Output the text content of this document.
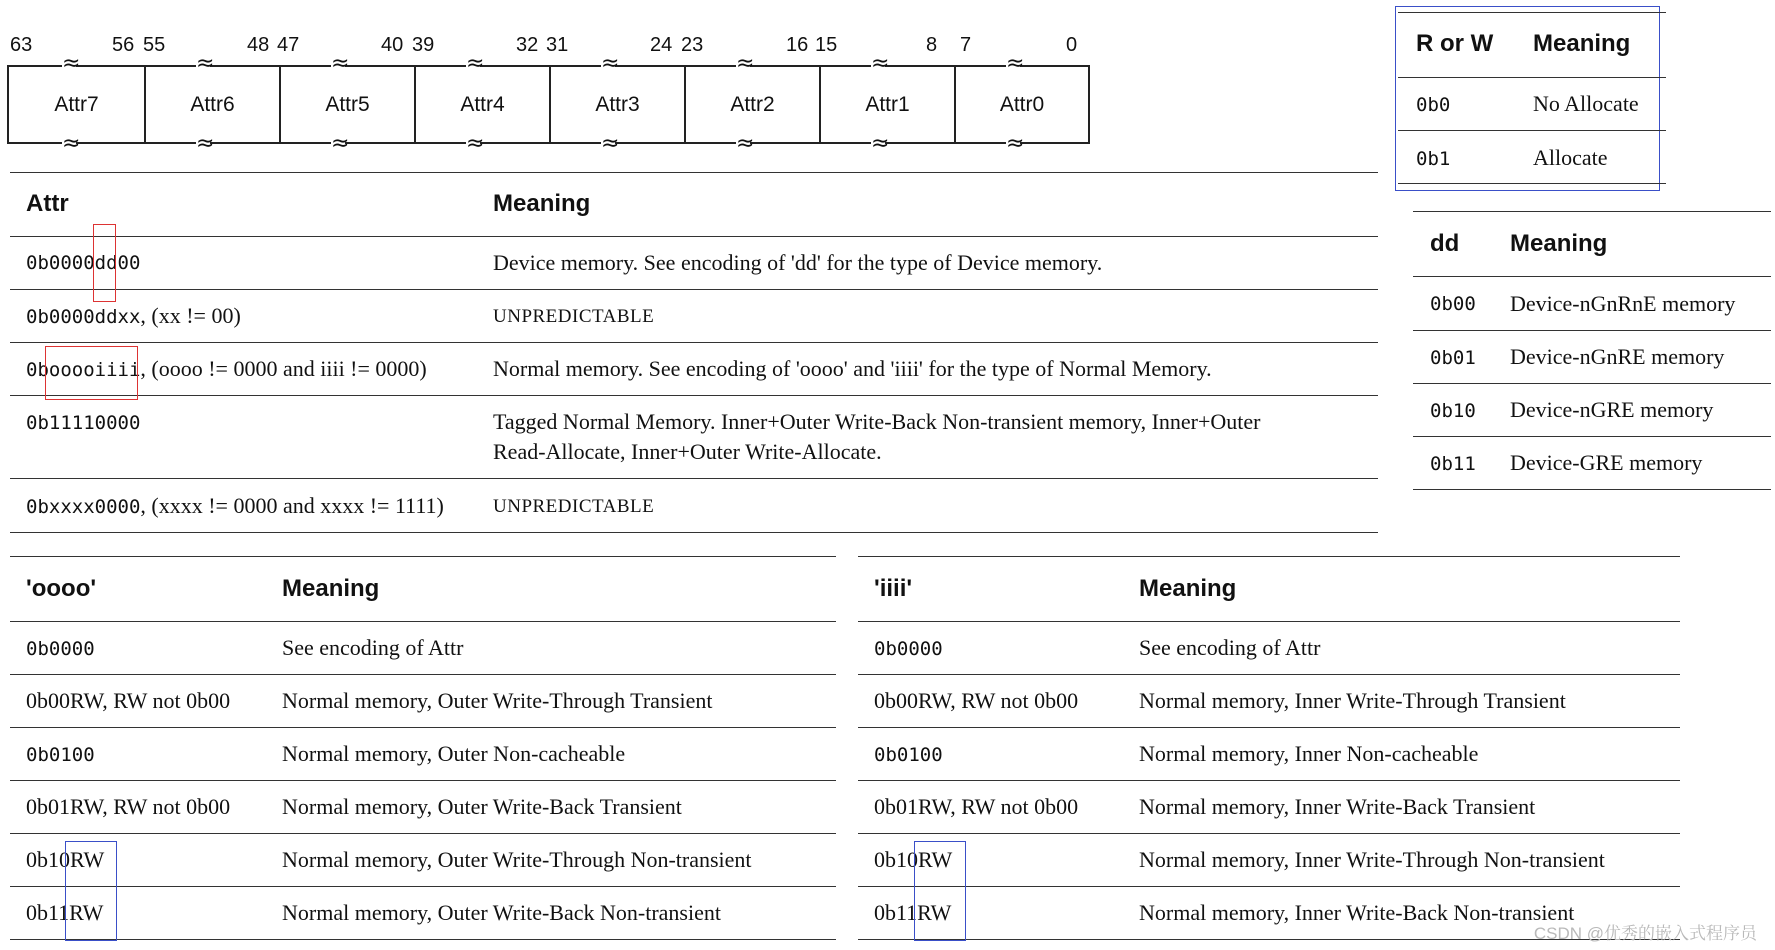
63	56 55	48 47	40 39	32 31	24 23	16 15	8 7	0
Attr7	Attr6	Attr5	Attr4	Attr3	Attr2	Attr1	Attr0
≈	≈	≈	≈	≈	≈	≈	≈
≈	≈	≈	≈	≈	≈	≈	≈
Attr	Meaning
0b0000dd00	Device memory. See encoding of 'dd' for the type of Device memory.
0b0000ddxx, (xx != 00)	UNPREDICTABLE
0booooiiii, (oooo != 0000 and iiii != 0000)	Normal memory. See encoding of 'oooo' and 'iiii' for the type of Normal Memory.
0b11110000	Tagged Normal Memory. Inner+Outer Write-Back Non-transient memory, Inner+Outer
Read-Allocate, Inner+Outer Write-Allocate.
0bxxxx0000, (xxxx != 0000 and xxxx != 1111)	UNPREDICTABLE
R or W Meaning
0b0	No Allocate
0b1	Allocate
dd Meaning
0b00 Device-nGnRnE memory
0b01 Device-nGnRE memory
0b10 Device-nGRE memory
0b11 Device-GRE memory
'oooo'	Meaning
0b0000	See encoding of Attr
0b00RW, RW not 0b00 Normal memory, Outer Write-Through Transient
0b0100	Normal memory, Outer Non-cacheable
0b01RW, RW not 0b00 Normal memory, Outer Write-Back Transient
0b10RW	Normal memory, Outer Write-Through Non-transient
0b11RW	Normal memory, Outer Write-Back Non-transient
'iiii'	Meaning
0b0000	See encoding of Attr
0b00RW, RW not 0b00	Normal memory, Inner Write-Through Transient
0b0100	Normal memory, Inner Non-cacheable
0b01RW, RW not 0b00	Normal memory, Inner Write-Back Transient
0b10RW	Normal memory, Inner Write-Through Non-transient
0b11RW	Normal memory, Inner Write-Back Non-transient
CSDN @优秀的嵌入式程序员
